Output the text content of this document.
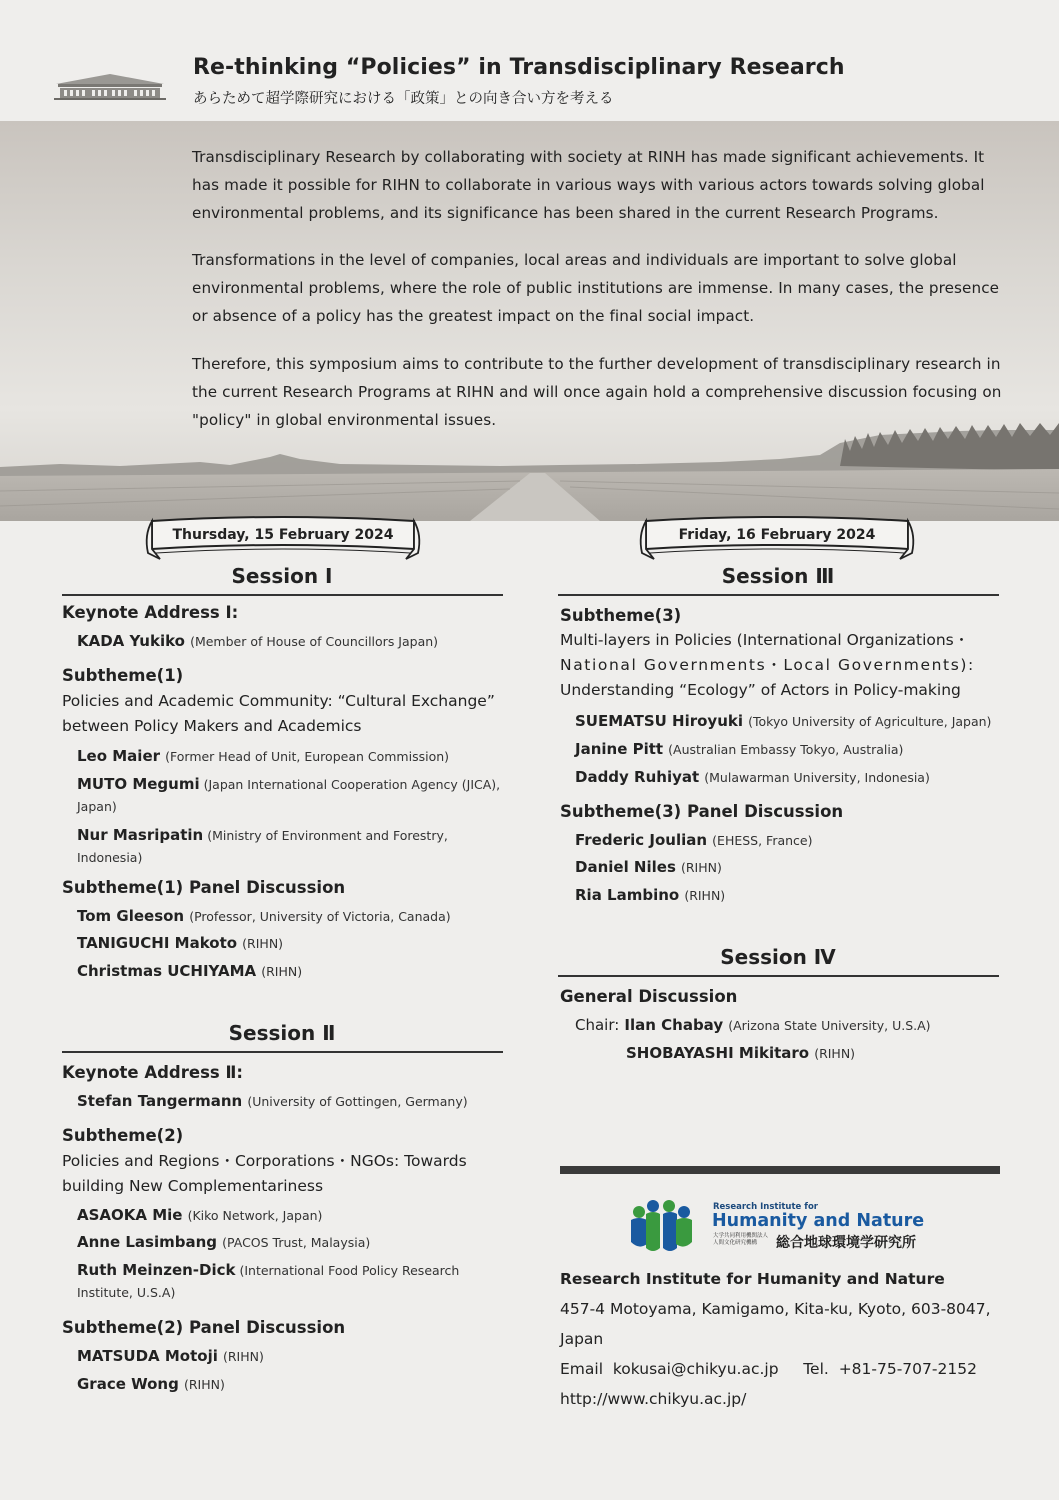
Re-thinking “Policies” in Transdisciplinary Research
あらためて超学際研究における「政策」との向き合い方を考える

Transdisciplinary Research by collaborating with society at RINH has made significant achievements. It has made it possible for RIHN to collaborate in various ways with various actors towards solving global environmental problems, and its significance has been shared in the current Research Programs.

Transformations in the level of companies, local areas and individuals are important to solve global environmental problems, where the role of public institutions are immense. In many cases, the presence or absence of a policy has the greatest impact on the final social impact.

Therefore, this symposium aims to contribute to the further development of transdisciplinary research in the current Research Programs at RIHN and will once again hold a comprehensive discussion focusing on "policy" in global environmental issues.

Thursday, 15 February 2024
Session Ⅰ
Keynote Address Ⅰ:
KADA Yukiko (Member of House of Councillors Japan)
Subtheme(1)
Policies and Academic Community: “Cultural Exchange” between Policy Makers and Academics
Leo Maier (Former Head of Unit, European Commission)
MUTO Megumi (Japan International Cooperation Agency (JICA), Japan)
Nur Masripatin (Ministry of Environment and Forestry, Indonesia)
Subtheme(1) Panel Discussion
Tom Gleeson (Professor, University of Victoria, Canada)
TANIGUCHI Makoto (RIHN)
Christmas UCHIYAMA (RIHN)
Session Ⅱ
Keynote Address Ⅱ:
Stefan Tangermann (University of Gottingen, Germany)
Subtheme(2)
Policies and Regions・Corporations・NGOs: Towards building New Complementariness
ASAOKA Mie (Kiko Network, Japan)
Anne Lasimbang (PACOS Trust, Malaysia)
Ruth Meinzen-Dick (International Food Policy Research Institute, U.S.A)
Subtheme(2) Panel Discussion
MATSUDA Motoji (RIHN)
Grace Wong (RIHN)
Friday, 16 February 2024
Session Ⅲ
Subtheme(3)
Multi-layers in Policies (International Organizations・
National Governments・Local Governments):
Understanding “Ecology” of Actors in Policy-making
SUEMATSU Hiroyuki (Tokyo University of Agriculture, Japan)
Janine Pitt (Australian Embassy Tokyo, Australia)
Daddy Ruhiyat (Mulawarman University, Indonesia)
Subtheme(3) Panel Discussion
Frederic Joulian (EHESS, France)
Daniel Niles (RIHN)
Ria Lambino (RIHN)
Session Ⅳ
General Discussion
Chair: Ilan Chabay (Arizona State University, U.S.A)
SHOBAYASHI Mikitaro (RIHN)
Research Institute for
Humanity and Nature
大学共同利用機関法人 人間文化研究機構	総合地球環境学研究所
Research Institute for Humanity and Nature
457-4 Motoyama, Kamigamo, Kita-ku, Kyoto, 603-8047,
Japan
Email kokusai@chikyu.ac.jp Tel. +81-75-707-2152
http://www.chikyu.ac.jp/
